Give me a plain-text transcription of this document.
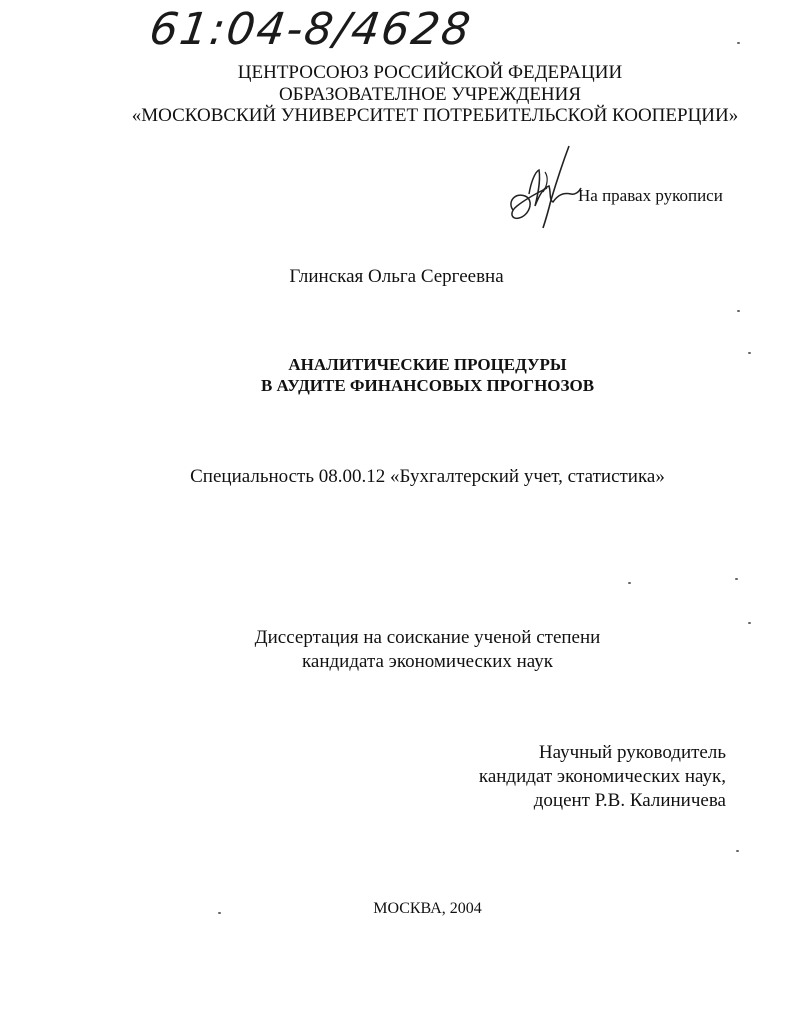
61:04-8/4628
ЦЕНТРОСОЮЗ РОССИЙСКОЙ ФЕДЕРАЦИИ
ОБРАЗОВАТЕЛНОЕ УЧРЕЖДЕНИЯ
«МОСКОВСКИЙ УНИВЕРСИТЕТ ПОТРЕБИТЕЛЬСКОЙ КООПЕРЦИИ»
На правах рукописи
Глинская Ольга Сергеевна
АНАЛИТИЧЕСКИЕ ПРОЦЕДУРЫ
В АУДИТЕ ФИНАНСОВЫХ ПРОГНОЗОВ
Специальность 08.00.12 «Бухгалтерский учет, статистика»
Диссертация на соискание ученой степени
кандидата экономических наук
Научный руководитель
кандидат экономических наук,
доцент Р.В. Калиничева
МОСКВА, 2004
